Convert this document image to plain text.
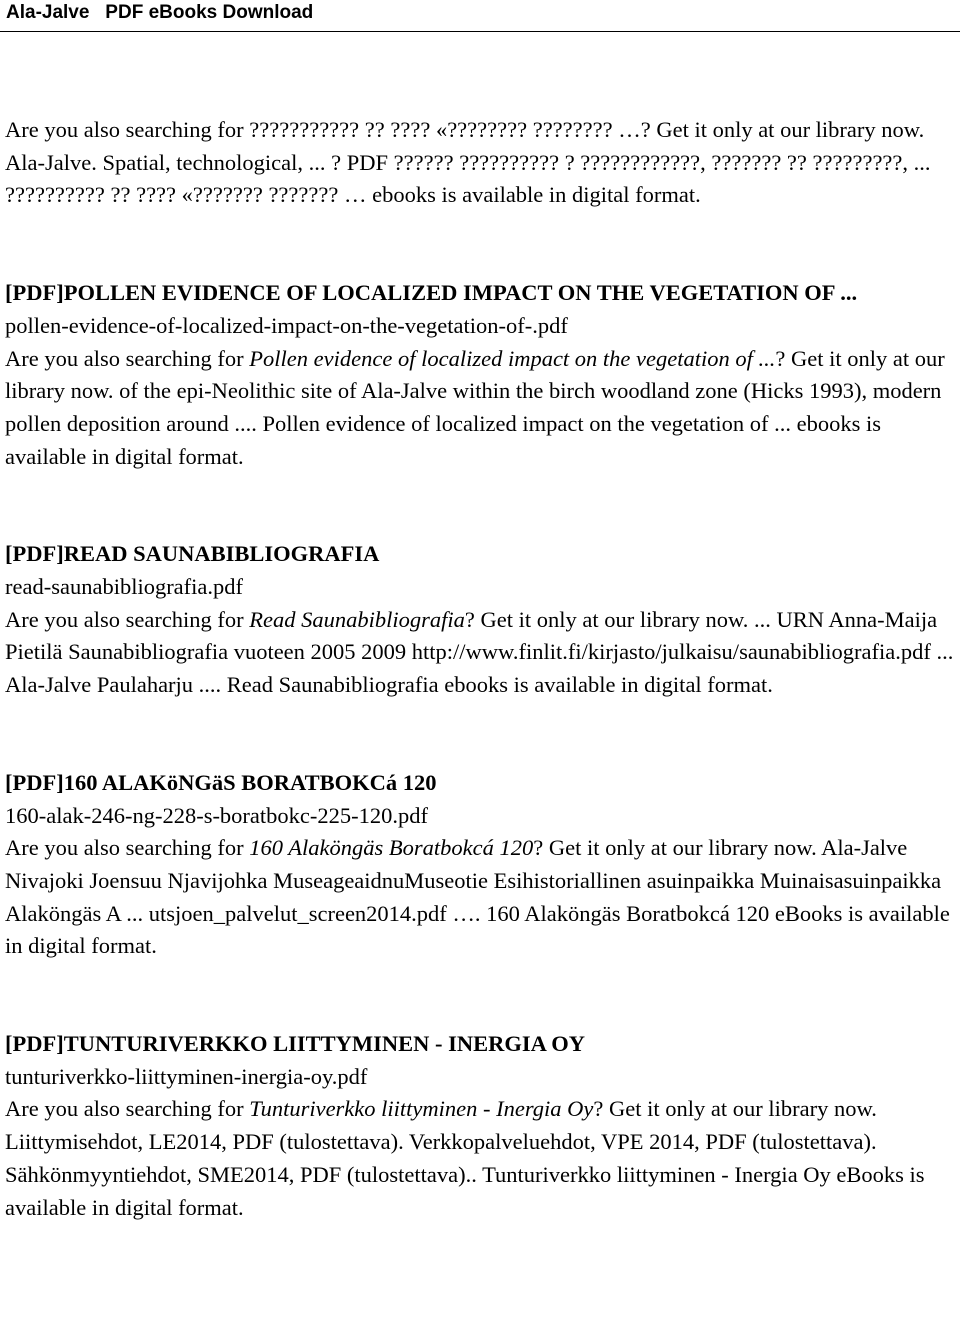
Ala-Jalve PDF eBooks Download

Are you also searching for ??????????? ?? ???? «???????? ???????? …? Get it only at our library now. Ala-Jalve. Spatial, technological, ... ? PDF ?????? ?????????? ? ????????????, ??????? ?? ?????????, ... ?????????? ?? ???? «??????? ??????? … ebooks is available in digital format.

[PDF]POLLEN EVIDENCE OF LOCALIZED IMPACT ON THE VEGETATION OF ...

pollen-evidence-of-localized-impact-on-the-vegetation-of-.pdf

Are you also searching for Pollen evidence of localized impact on the vegetation of ...? Get it only at our library now. of the epi-Neolithic site of Ala-Jalve within the birch woodland zone (Hicks 1993), modern pollen deposition around .... Pollen evidence of localized impact on the vegetation of ... ebooks is available in digital format.

[PDF]READ SAUNABIBLIOGRAFIA

read-saunabibliografia.pdf

Are you also searching for Read Saunabibliografia? Get it only at our library now. ... URN Anna-Maija Pietilä Saunabibliografia vuoteen 2005 2009 http://www.finlit.fi/kirjasto/julkaisu/saunabibliografia.pdf ... Ala-Jalve Paulaharju .... Read Saunabibliografia ebooks is available in digital format.

[PDF]160 ALAKöNGäS BORATBOKCá 120

160-alak-246-ng-228-s-boratbokc-225-120.pdf

Are you also searching for 160 Alaköngäs Boratbokcá 120? Get it only at our library now. Ala-Jalve Nivajoki Joensuu Njavijohka MuseageaidnuMuseotie Esihistoriallinen asuinpaikka Muinaisasuinpaikka Alaköngäs A ... utsjoen_palvelut_screen2014.pdf …. 160 Alaköngäs Boratbokcá 120 eBooks is available in digital format.

[PDF]TUNTURIVERKKO LIITTYMINEN - INERGIA OY

tunturiverkko-liittyminen-inergia-oy.pdf

Are you also searching for Tunturiverkko liittyminen - Inergia Oy? Get it only at our library now. Liittymisehdot, LE2014, PDF (tulostettava). Verkkopalveluehdot, VPE 2014, PDF (tulostettava). Sähkönmyyntiehdot, SME2014, PDF (tulostettava).. Tunturiverkko liittyminen - Inergia Oy eBooks is available in digital format.
